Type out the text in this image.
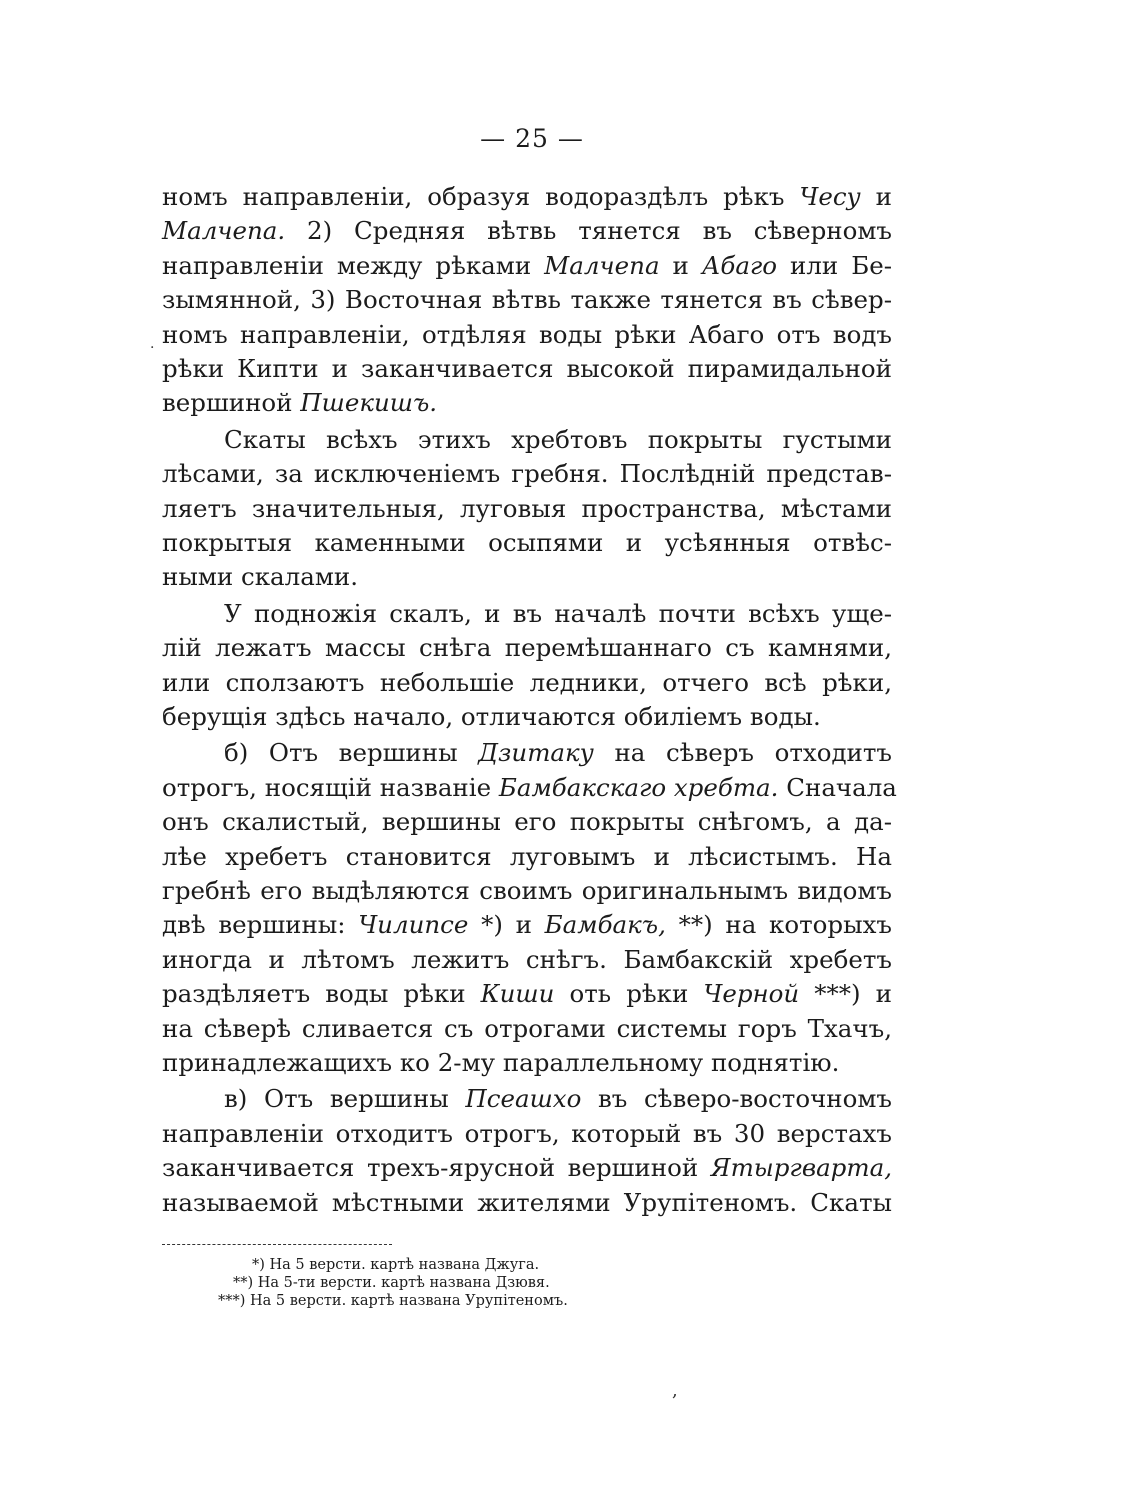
— 25 —
номъ направленіи, образуя водораздѣлъ рѣкъ Чесу и
Малчепа. 2) Средняя вѣтвь тянется въ сѣверномъ
направленіи между рѣками Малчепа и Абаго или Бе-
зымянной, 3) Восточная вѣтвь также тянется въ сѣвер-
номъ направленіи, отдѣляя воды рѣки Абаго отъ водъ
рѣки Кипти и заканчивается высокой пирамидальной
вершиной Пшекишъ.
Скаты всѣхъ этихъ хребтовъ покрыты густыми
лѣсами, за исключеніемъ гребня. Послѣдній представ-
ляетъ значительныя, луговыя пространства, мѣстами
покрытыя каменными осыпями и усѣянныя отвѣс-
ными скалами.
У подножія скалъ, и въ началѣ почти всѣхъ уще-
лій лежатъ массы снѣга перемѣшаннаго съ камнями,
или сползаютъ небольшіе ледники, отчего всѣ рѣки,
берущія здѣсь начало, отличаются обиліемъ воды.
б) Отъ вершины Дзитаку на сѣверъ отходитъ
отрогъ, носящій названіе Бамбакскаго хребта. Сначала
онъ скалистый, вершины его покрыты снѣгомъ, а да-
лѣе хребетъ становится луговымъ и лѣсистымъ. На
гребнѣ его выдѣляются своимъ оригинальнымъ видомъ
двѣ вершины: Чилипсе *) и Бамбакъ, **) на которыхъ
иногда и лѣтомъ лежитъ снѣгъ. Бамбакскій хребетъ
раздѣляетъ воды рѣки Киши оть рѣки Черной ***) и
на сѣверѣ сливается съ отрогами системы горъ Тхачъ,
принадлежащихъ ко 2-му параллельному поднятію.
в) Отъ вершины Псеашхо въ сѣверо-восточномъ
направленіи отходитъ отрогъ, который въ 30 верстахъ
заканчивается трехъ-ярусной вершиной Ятыргварта,
называемой мѣстными жителями Урупітеномъ. Скаты
·
*) На 5 версти. картѣ названа Джуга.
**) На 5-ти версти. картѣ названа Дзювя.
***) На 5 версти. картѣ названа Урупітеномъ.
,
